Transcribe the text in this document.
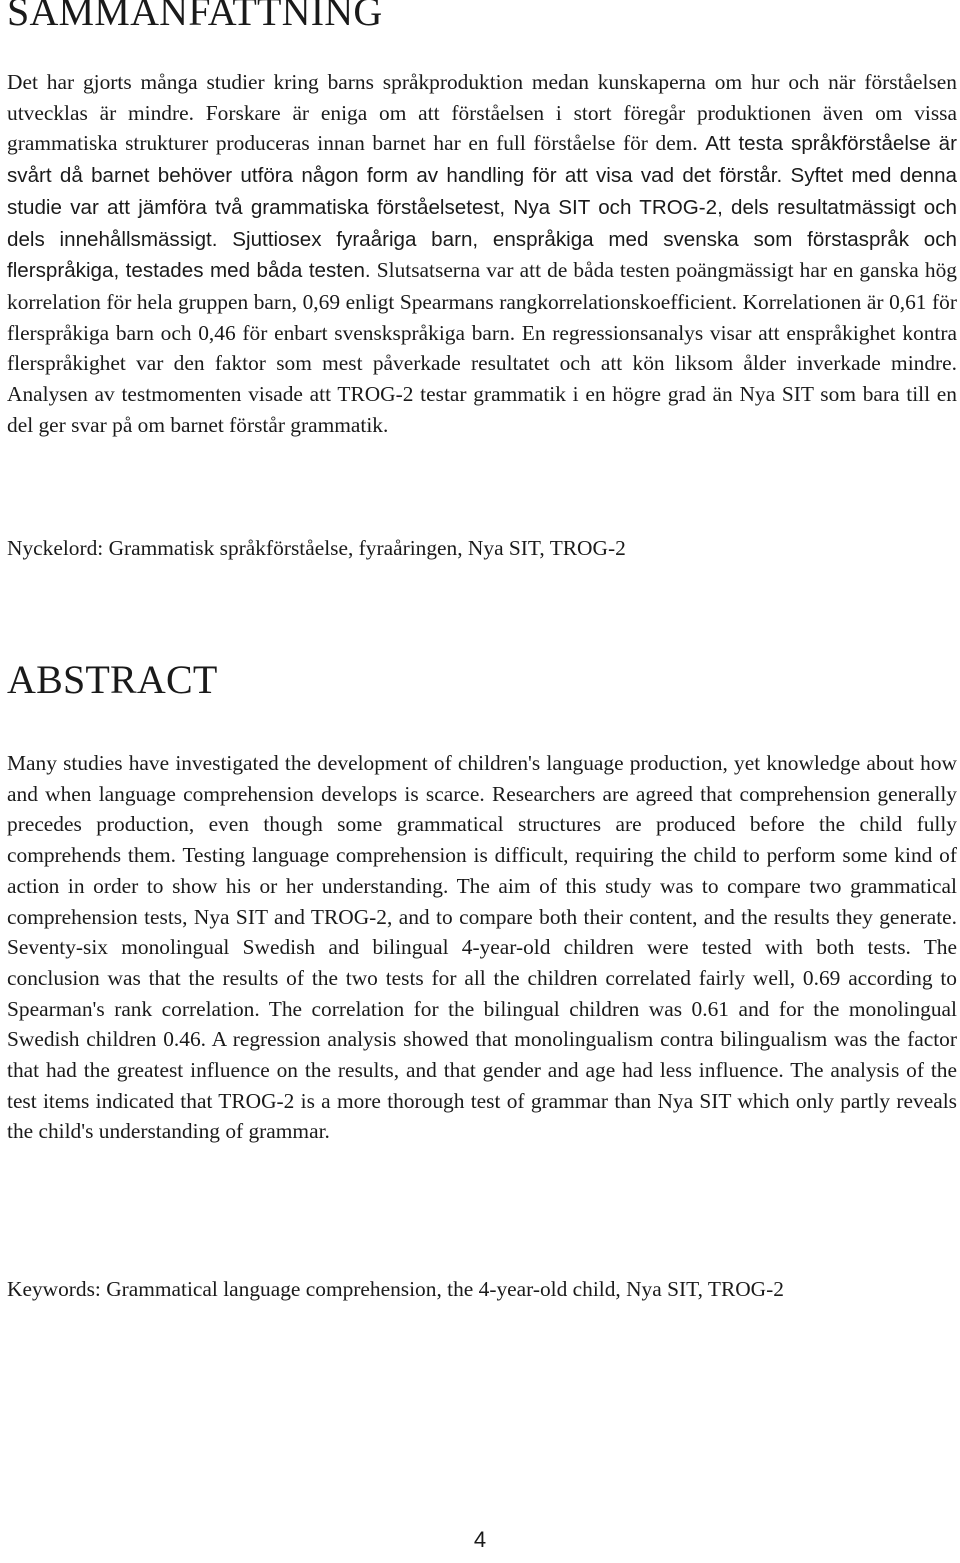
SAMMANFATTNING

Det har gjorts många studier kring barns språkproduktion medan kunskaperna om hur och när förståelsen utvecklas är mindre. Forskare är eniga om att förståelsen i stort föregår produktionen även om vissa grammatiska strukturer produceras innan barnet har en full förståelse för dem. Att testa språkförståelse är svårt då barnet behöver utföra någon form av handling för att visa vad det förstår. Syftet med denna studie var att jämföra två grammatiska förståelsetest, Nya SIT och TROG-2, dels resultatmässigt och dels innehållsmässigt. Sjuttiosex fyraåriga barn, enspråkiga med svenska som förstaspråk och flerspråkiga, testades med båda testen. Slutsatserna var att de båda testen poängmässigt har en ganska hög korrelation för hela gruppen barn, 0,69 enligt Spearmans rangkorrelationskoefficient. Korrelationen är 0,61 för flerspråkiga barn och 0,46 för enbart svenskspråkiga barn. En regressionsanalys visar att enspråkighet kontra flerspråkighet var den faktor som mest påverkade resultatet och att kön liksom ålder inverkade mindre. Analysen av testmomenten visade att TROG-2 testar grammatik i en högre grad än Nya SIT som bara till en del ger svar på om barnet förstår grammatik.

Nyckelord: Grammatisk språkförståelse, fyraåringen, Nya SIT, TROG-2

ABSTRACT

Many studies have investigated the development of children's language production, yet knowledge about how and when language comprehension develops is scarce. Researchers are agreed that comprehension generally precedes production, even though some grammatical structures are produced before the child fully comprehends them. Testing language comprehension is difficult, requiring the child to perform some kind of action in order to show his or her understanding. The aim of this study was to compare two grammatical comprehension tests, Nya SIT and TROG-2, and to compare both their content, and the results they generate. Seventy-six monolingual Swedish and bilingual 4-year-old children were tested with both tests. The conclusion was that the results of the two tests for all the children correlated fairly well, 0.69 according to Spearman's rank correlation. The correlation for the bilingual children was 0.61 and for the monolingual Swedish children 0.46. A regression analysis showed that monolingualism contra bilingualism was the factor that had the greatest influence on the results, and that gender and age had less influence. The analysis of the test items indicated that TROG-2 is a more thorough test of grammar than Nya SIT which only partly reveals the child's understanding of grammar.

Keywords: Grammatical language comprehension, the 4-year-old child, Nya SIT, TROG-2

4
